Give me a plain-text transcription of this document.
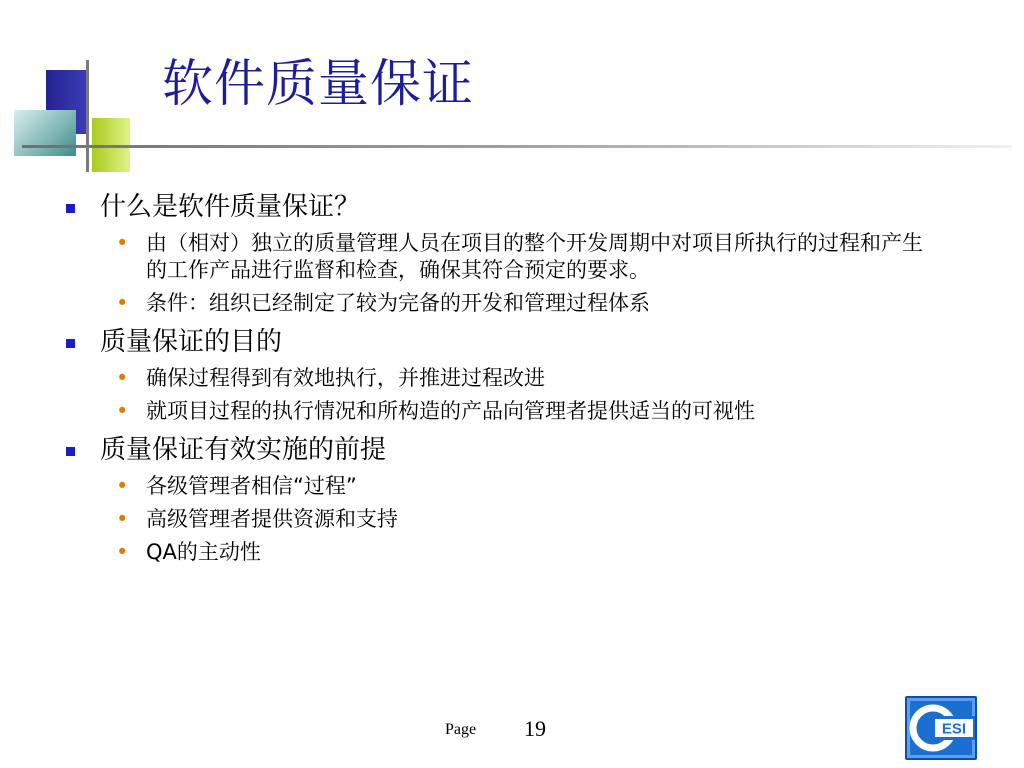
软件质量保证
什么是软件质量保证？
• 由（相对）独立的质量管理人员在项目的整个开发周期中对项目所执行的过程和产生的工作产品进行监督和检查，确保其符合预定的要求。
• 条件：组织已经制定了较为完备的开发和管理过程体系
质量保证的目的
• 确保过程得到有效地执行，并推进过程改进
• 就项目过程的执行情况和所构造的产品向管理者提供适当的可视性
质量保证有效实施的前提
• 各级管理者相信“过程”
• 高级管理者提供资源和支持
• QA的主动性
Page 19	ESI
